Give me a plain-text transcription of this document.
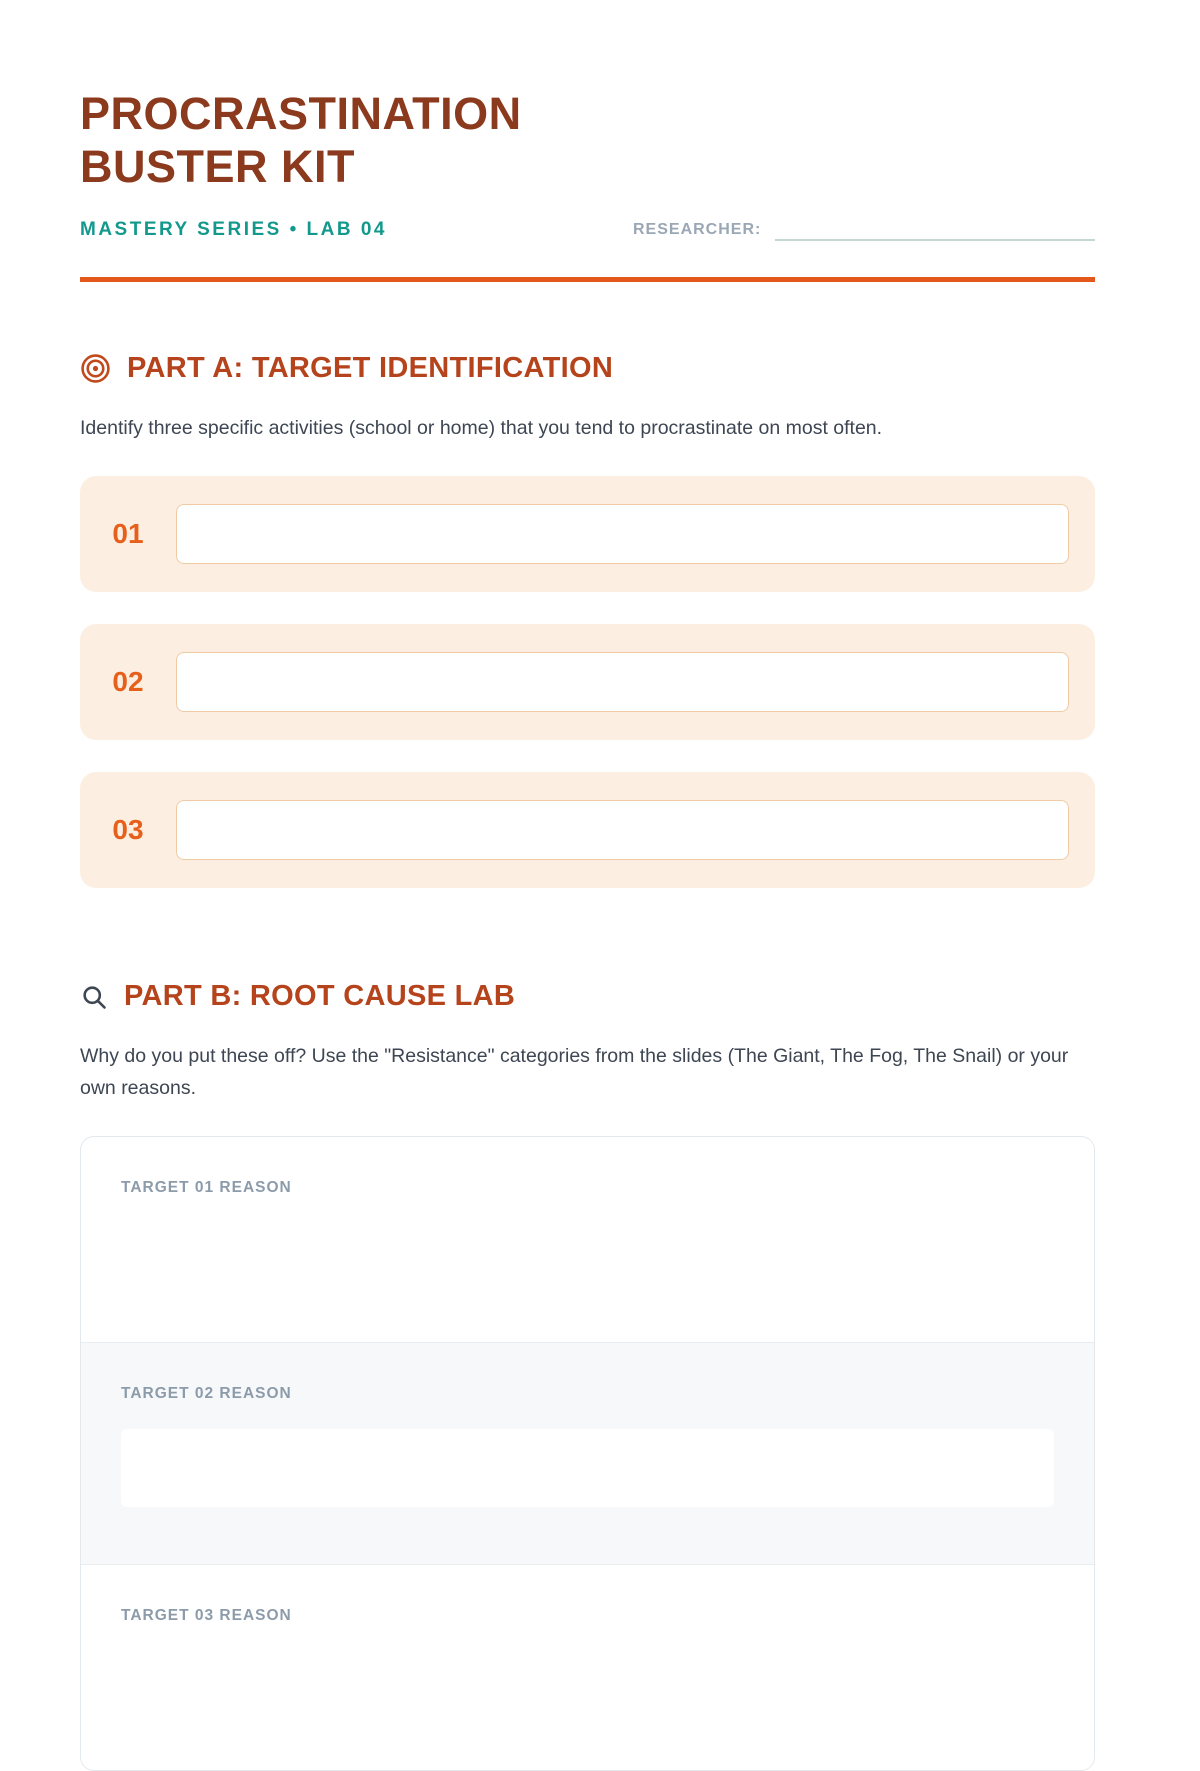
PROCRASTINATION
BUSTER KIT
MASTERY SERIES • LAB 04	RESEARCHER:
PART A: TARGET IDENTIFICATION

Identify three specific activities (school or home) that you tend to procrastinate on most often.

01
02
03
PART B: ROOT CAUSE LAB

Why do you put these off? Use the "Resistance" categories from the slides (The Giant, The Fog, The Snail) or your own reasons.

TARGET 01 REASON
TARGET 02 REASON
TARGET 03 REASON
